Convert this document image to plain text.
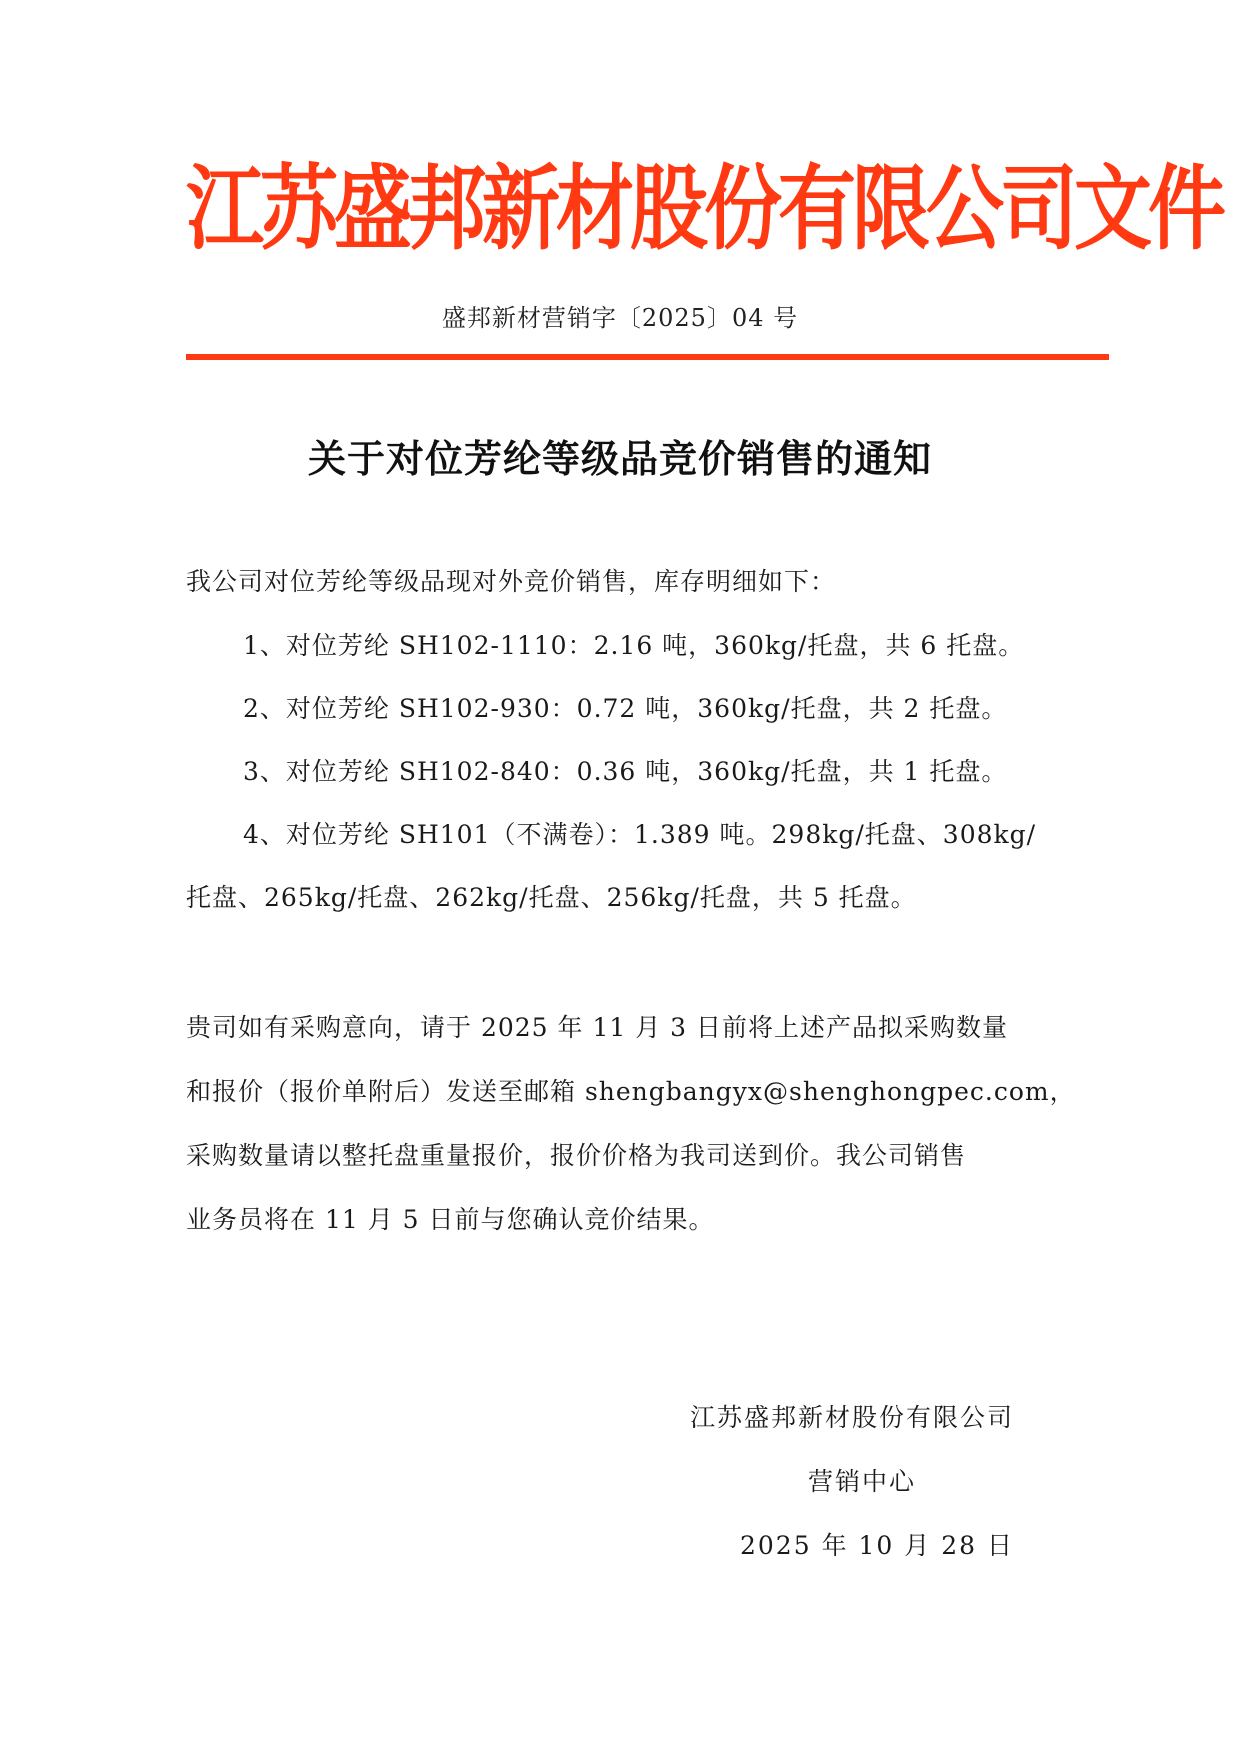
江苏盛邦新材股份有限公司文件
盛邦新材营销字〔2025〕04 号
关于对位芳纶等级品竞价销售的通知
我公司对位芳纶等级品现对外竞价销售，库存明细如下：
1、对位芳纶 SH102-1110：2.16 吨，360kg/托盘，共 6 托盘。
2、对位芳纶 SH102-930：0.72 吨，360kg/托盘，共 2 托盘。
3、对位芳纶 SH102-840：0.36 吨，360kg/托盘，共 1 托盘。
4、对位芳纶 SH101（不满卷）：1.389 吨。298kg/托盘、308kg/
托盘、265kg/托盘、262kg/托盘、256kg/托盘，共 5 托盘。
贵司如有采购意向，请于 2025 年 11 月 3 日前将上述产品拟采购数量
和报价（报价单附后）发送至邮箱 shengbangyx@shenghongpec.com，
采购数量请以整托盘重量报价，报价价格为我司送到价。我公司销售
业务员将在 11 月 5 日前与您确认竞价结果。
江苏盛邦新材股份有限公司
营销中心
2025 年 10 月 28 日
